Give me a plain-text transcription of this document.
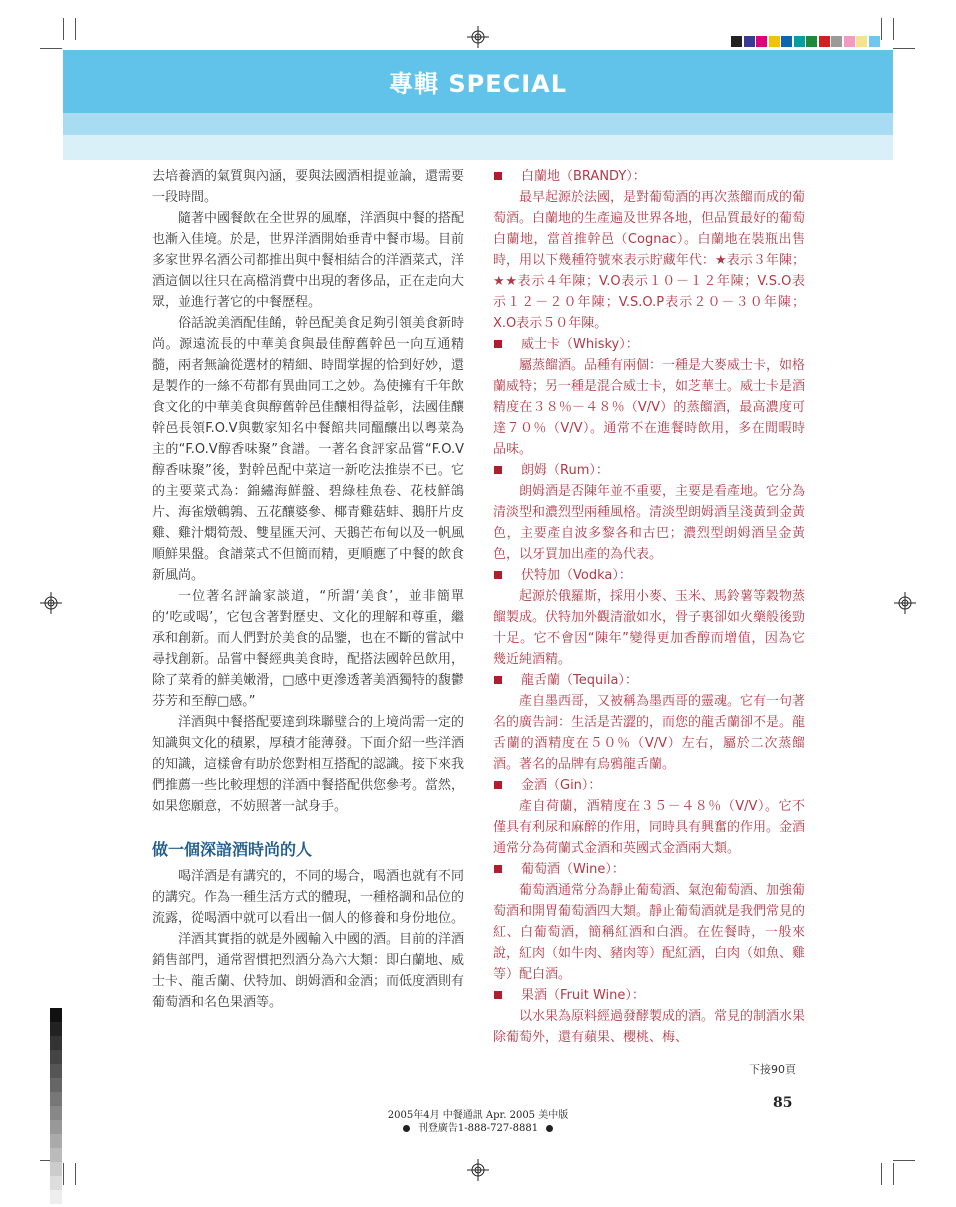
專輯 SPECIAL

去培養酒的氣質與內涵，要與法國酒相提並論，還需要一段時間。

隨著中國餐飲在全世界的風靡，洋酒與中餐的搭配也漸入佳境。於是，世界洋酒開始垂青中餐市場。目前多家世界名酒公司都推出與中餐相結合的洋酒菜式，洋酒這個以往只在高檔消費中出現的奢侈品，正在走向大眾，並進行著它的中餐歷程。

俗話說美酒配佳餚，幹邑配美食足夠引領美食新時尚。源遠流長的中華美食與最佳醇舊幹邑一向互通精髓，兩者無論從選材的精細、時間掌握的恰到好妙，還是製作的一絲不苟都有異曲同工之妙。為使擁有千年飲食文化的中華美食與醇舊幹邑佳釀相得益彰，法國佳釀幹邑長領F.O.V與數家知名中餐館共同醞釀出以粵菜為主的“F.O.V醇香味聚”食譜。一著名食評家品嘗“F.O.V醇香味聚”後，對幹邑配中菜這一新吃法推崇不已。它的主要菜式為：錦繡海鮮盤、碧綠桂魚卷、花枝鮮鴿片、海雀燉鵪鶉、五花釀婆參、椰青雞菇蚌、鵝肝片皮雞、雞汁燜筍殼、雙星匯天河、天鵝芒布甸以及一帆風順鮮果盤。食譜菜式不但簡而精，更順應了中餐的飲食新風尚。

一位著名評論家談道，“所謂‘美食’，並非簡單的‘吃或喝’，它包含著對歷史、文化的理解和尊重，繼承和創新。而人們對於美食的品鑒，也在不斷的嘗試中尋找創新。品嘗中餐經典美食時，配搭法國幹邑飲用，除了菜肴的鮮美嫩滑，□感中更滲透著美酒獨特的馥鬱芬芳和至醇□感。”

洋酒與中餐搭配要達到珠聯璧合的上境尚需一定的知識與文化的積累，厚積才能薄發。下面介紹一些洋酒的知識，這樣會有助於您對相互搭配的認識。接下來我們推薦一些比較理想的洋酒中餐搭配供您參考。當然，如果您願意，不妨照著一試身手。

做一個深諳酒時尚的人

喝洋酒是有講究的，不同的場合，喝酒也就有不同的講究。作為一種生活方式的體現，一種格調和品位的流露，從喝酒中就可以看出一個人的修養和身份地位。

洋酒其實指的就是外國輸入中國的酒。目前的洋酒銷售部門，通常習慣把烈酒分為六大類：即白蘭地、威士卡、龍舌蘭、伏特加、朗姆酒和金酒；而低度酒則有葡萄酒和名色果酒等。

白蘭地（BRANDY）：

最早起源於法國，是對葡萄酒的再次蒸餾而成的葡萄酒。白蘭地的生產遍及世界各地，但品質最好的葡萄白蘭地，當首推幹邑（Cognac）。白蘭地在裝瓶出售時，用以下幾種符號來表示貯藏年代：★表示３年陳；★★表示４年陳；V.O表示１０－１２年陳；V.S.O表示１２－２０年陳；V.S.O.P表示２０－３０年陳；X.O表示５０年陳。

威士卡（Whisky）：

屬蒸餾酒。品種有兩個：一種是大麥威士卡，如格蘭威特；另一種是混合威士卡，如芝華士。威士卡是酒精度在３８％－４８％（V/V）的蒸餾酒，最高濃度可達７０％（V/V）。通常不在進餐時飲用，多在閒暇時品味。

朗姆（Rum）：

朗姆酒是否陳年並不重要，主要是看產地。它分為清淡型和濃烈型兩種風格。清淡型朗姆酒呈淺黃到金黃色，主要產自波多黎各和古巴；濃烈型朗姆酒呈金黃色，以牙買加出產的為代表。

伏特加（Vodka）：

起源於俄羅斯，採用小麥、玉米、馬鈴薯等穀物蒸餾製成。伏特加外觀清澈如水，骨子裏卻如火藥般後勁十足。它不會因“陳年”變得更加香醇而增值，因為它幾近純酒精。

龍舌蘭（Tequila）：

產自墨西哥，又被稱為墨西哥的靈魂。它有一句著名的廣告詞：生活是苦澀的，而您的龍舌蘭卻不是。龍舌蘭的酒精度在５０％（V/V）左右，屬於二次蒸餾酒。著名的品牌有烏鴉龍舌蘭。

金酒（Gin）：

產自荷蘭，酒精度在３５－４８％（V/V）。它不僅具有利尿和麻醉的作用，同時具有興奮的作用。金酒通常分為荷蘭式金酒和英國式金酒兩大類。

葡萄酒（Wine）：

葡萄酒通常分為靜止葡萄酒、氣泡葡萄酒、加強葡萄酒和開胃葡萄酒四大類。靜止葡萄酒就是我們常見的紅、白葡萄酒，簡稱紅酒和白酒。在佐餐時，一般來說，紅肉（如牛肉、豬肉等）配紅酒，白肉（如魚、雞等）配白酒。

果酒（Fruit Wine）：

以水果為原料經過發酵製成的酒。常見的制酒水果除葡萄外，還有蘋果、櫻桃、梅、

下接90頁
85
2005年4月 中餐通訊 Apr. 2005 美中版
刊登廣告1-888-727-8881
